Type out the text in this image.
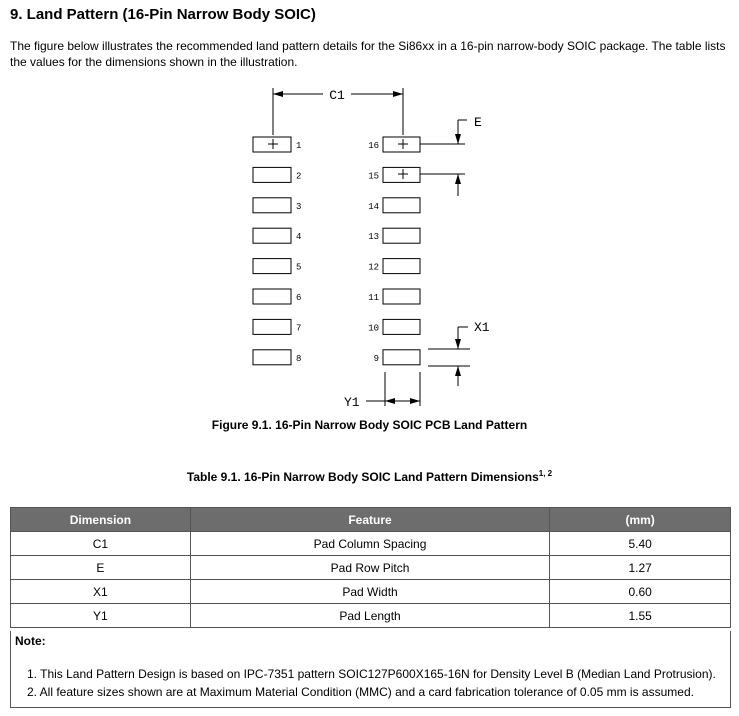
9. Land Pattern (16-Pin Narrow Body SOIC)

The figure below illustrates the recommended land pattern details for the Si86xx in a 16-pin narrow-body SOIC package. The table lists the values for the dimensions shown in the illustration.

1	16
2	15
3	14
4	13
5	12
6	11
7	10
8	9
C1
E
X1
Y1
Figure 9.1. 16-Pin Narrow Body SOIC PCB Land Pattern
Table 9.1. 16-Pin Narrow Body SOIC Land Pattern Dimensions$^{1, 2}$
Dimension	Feature	(mm)
C1	Pad Column Spacing	5.40
E	Pad Row Pitch	1.27
X1	Pad Width	0.60
Y1	Pad Length	1.55
Note:
1. This Land Pattern Design is based on IPC-7351 pattern SOIC127P600X165-16N for Density Level B (Median Land Protrusion).
2. All feature sizes shown are at Maximum Material Condition (MMC) and a card fabrication tolerance of 0.05 mm is assumed.
